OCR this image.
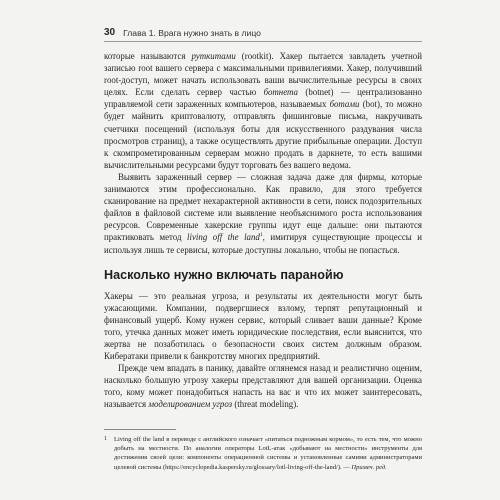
30 Глава 1. Врага нужно знать в лицо

которые называются руткитами (rootkit). Хакер пытается завладеть учетной записью root вашего сервера с максимальными привилегиями. Хакер, получивший root-доступ, может начать использовать ваши вычислительные ресурсы в своих целях. Если сделать сервер частью ботнета (botnet) — централизованно управляемой сети зараженных компьютеров, называемых ботами (bot), то можно будет майнить криптовалюту, отправлять фишинговые письма, накручивать счетчики посещений (используя боты для искусственного раздувания числа просмотров страниц), а также осуществлять другие прибыльные операции. Доступ к скомпрометированным серверам можно продать в даркнете, то есть вашими вычислительными ресурсами будут торговать без вашего ведома.

Выявить зараженный сервер — сложная задача даже для фирмы, которые занимаются этим профессионально. Как правило, для этого требуется сканирование на предмет нехарактерной активности в сети, поиск подозрительных файлов в файловой системе или выявление необъяснимого роста использования ресурсов. Современные хакерские группы идут еще дальше: они пытаются практиковать метод living off the land$^1$, имитируя существующие процессы и используя лишь те сервисы, которые доступны локально, чтобы не попасться.

Насколько нужно включать паранойю

Хакеры — это реальная угроза, и результаты их деятельности могут быть ужасающими. Компании, подвергшиеся взлому, терпят репутационный и финансовый ущерб. Кому нужен сервис, который сливает ваши данные? Кроме того, утечка данных может иметь юридические последствия, если выяснится, что жертва не позаботилась о безопасности своих систем должным образом. Кибератаки привели к банкротству многих предприятий.

Прежде чем впадать в панику, давайте оглянемся назад и реалистично оценим, насколько большую угрозу хакеры представляют для вашей организации. Оценка того, кому может понадобиться напасть на вас и что их может заинтересовать, называется моделированием угроз (threat modeling).

1	Living off the land в переводе с английского означает «питаться подножным кормом», то есть тем, что можно добыть на местности. По аналогии операторы LotL-атак «добывают на местности» инструменты для достижения своей цели: компоненты операционной системы и установленные самими администраторами целевой системы (https://encyclopedia.kaspersky.ru/glossary/lotl-living-off-the-land/). — Примеч. ред.
